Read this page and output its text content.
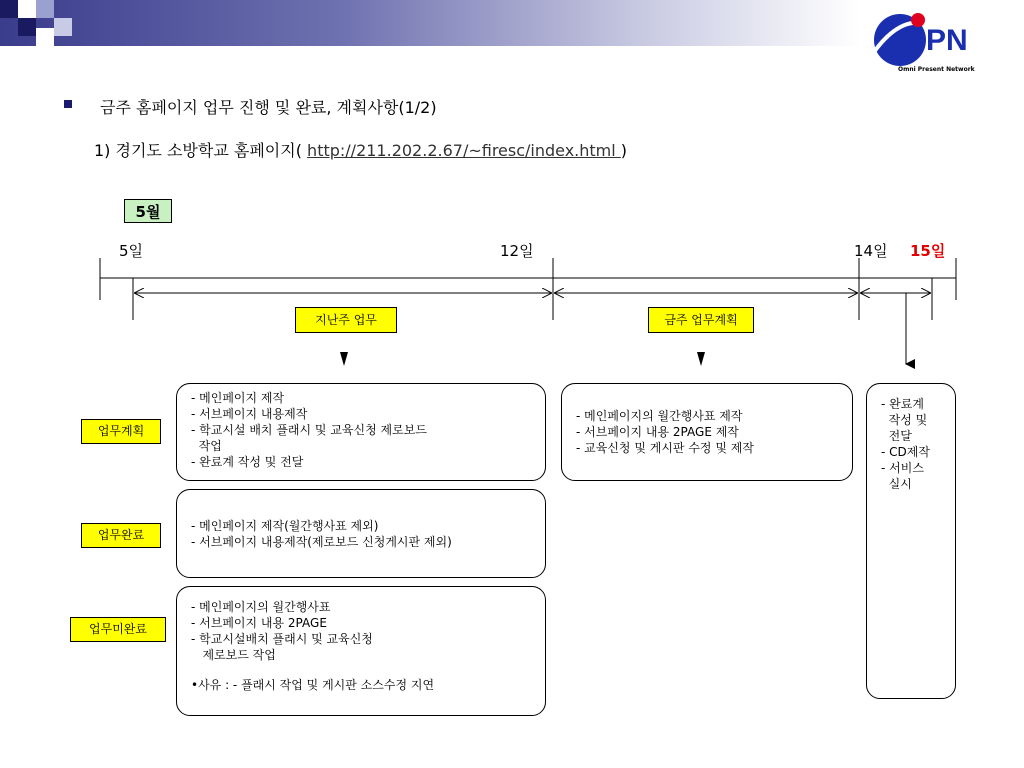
PN
Omni Present Network
금주 홈페이지 업무 진행 및 완료, 계획사항(1/2)
1) 경기도 소방학교 홈페이지( http://211.202.2.67/~firesc/index.html )
5월
5일	12일	14일 15일
지난주 업무	금주 업무계획
업무계획
업무완료
업무미완료
- 메인페이지 제작
- 서브페이지 내용제작
- 학교시설 배치 플래시 및 교육신청 제로보드
작업
- 완료계 작성 및 전달
- 메인페이지 제작(월간행사표 제외)
- 서브페이지 내용제작(제로보드 신청게시판 제외)
- 메인페이지의 월간행사표
- 서브페이지 내용 2PAGE
- 학교시설배치 플래시 및 교육신청
제로보드 작업
•사유 : - 플래시 작업 및 게시판 소스수정 지연
- 메인페이지의 월간행사표 제작
- 서브페이지 내용 2PAGE 제작
- 교육신청 및 게시판 수정 및 제작
- 완료계
작성 및
전달
- CD제작
- 서비스
실시
